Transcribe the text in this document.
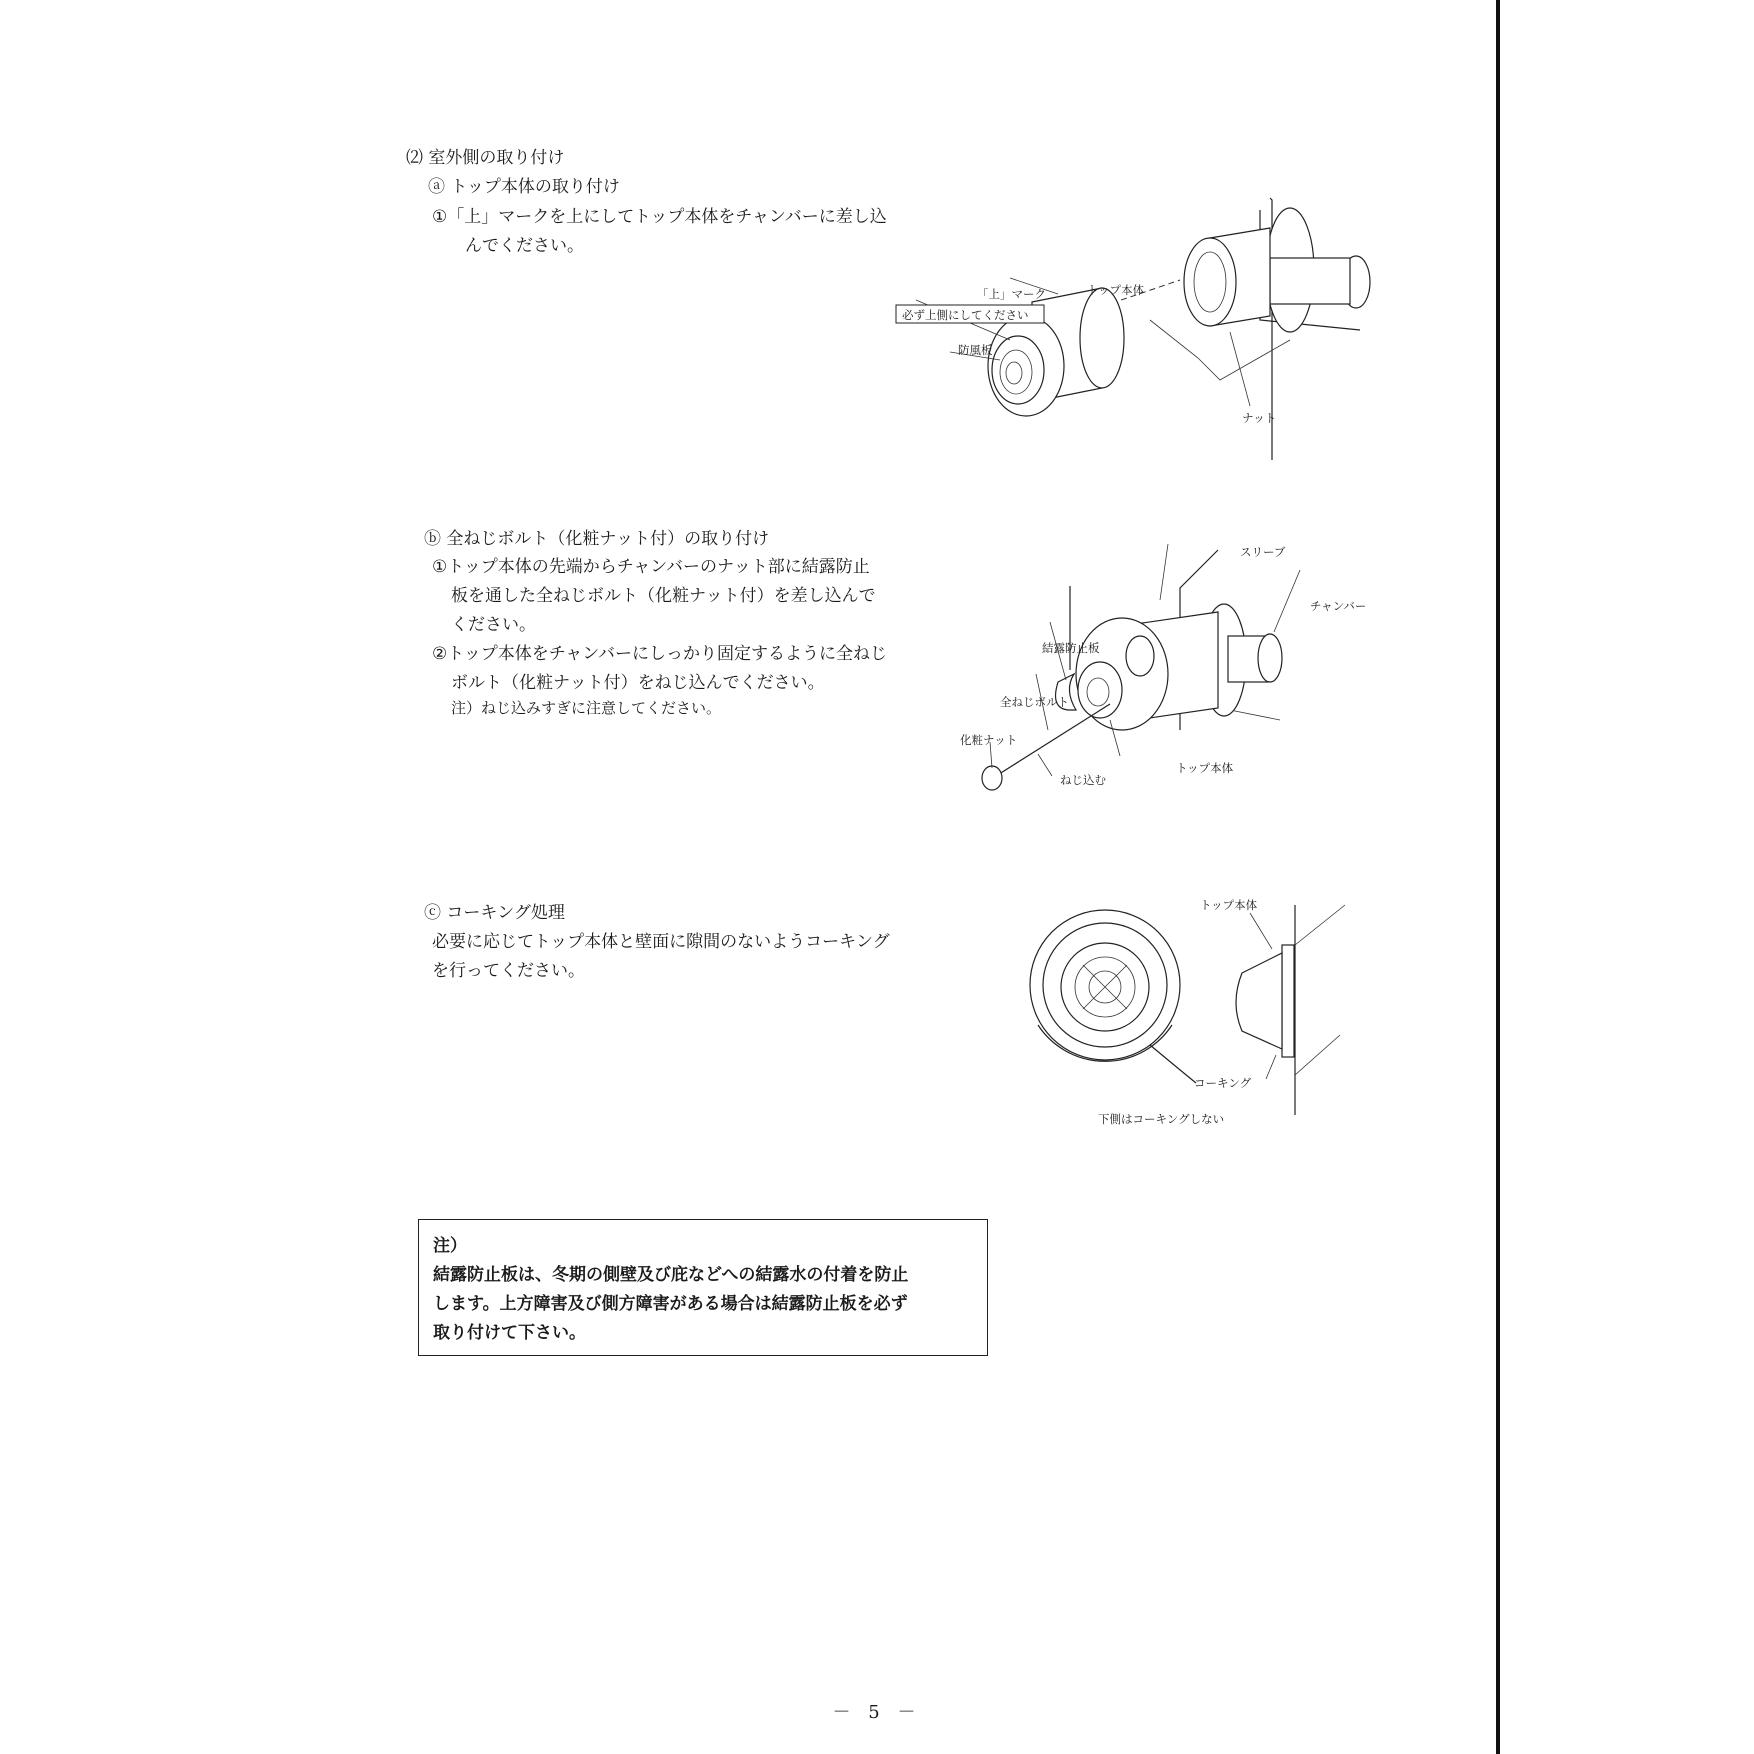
⑵ 室外側の取り付け
ⓐ トップ本体の取り付け
①「上」マークを上にしてトップ本体をチャンバーに差し込
んでください。
「上」マーク
必ず上側にしてください
トップ本体
防風板
ナット
ⓑ 全ねじボルト（化粧ナット付）の取り付け
①トップ本体の先端からチャンバーのナット部に結露防止
板を通した全ねじボルト（化粧ナット付）を差し込んで
ください。
②トップ本体をチャンバーにしっかり固定するように全ねじ
ボルト（化粧ナット付）をねじ込んでください。
注）ねじ込みすぎに注意してください。
スリーブ
チャンバー
結露防止板
全ねじボルト
化粧ナット
ねじ込む
トップ本体
ⓒ コーキング処理
必要に応じてトップ本体と壁面に隙間のないようコーキング
を行ってください。
トップ本体
コーキング
下側はコーキングしない
注）
結露防止板は、冬期の側壁及び庇などへの結露水の付着を防止
します。上方障害及び側方障害がある場合は結露防止板を必ず
取り付けて下さい。
－ 5 －
